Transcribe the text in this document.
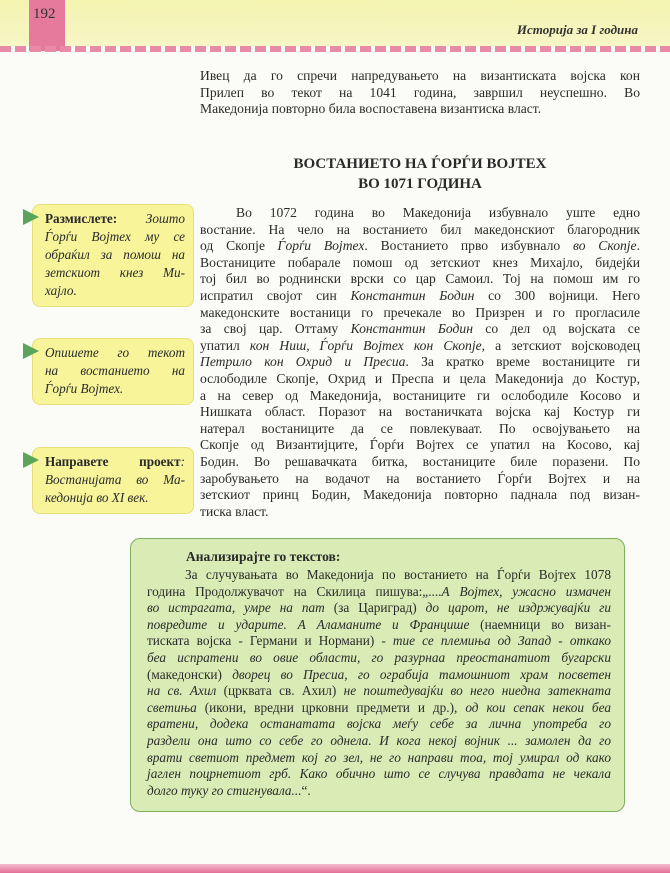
192
Историја за I година
Ивец да го спречи напредувањето на византиската војска кон
Прилеп во текот на 1041 година, завршил неуспешно. Во
Македонија повторно била воспоставена византиска власт.
ВОСТАНИЕТО НА ЃОРЃИ ВОЈТЕХ
ВО 1071 ГОДИНА
Во 1072 година во Македонија избувнало уште едно
востание. На чело на востанието бил македонскиот благородник
од Скопје Ѓорѓи Војтех. Востанието прво избувнало во Скопје.
Востаниците побарале помош од зетскиот кнез Михајло, бидејќи
тој бил во роднински врски со цар Самоил. Тој на помош им го
испратил својот син Константин Бодин со 300 војници. Него
македонските востаници го пречекале во Призрен и го прогласиле
за свој цар. Оттаму Константин Бодин со дел од војската се
упатил кон Ниш, Ѓорѓи Војтех кон Скопје, а зетскиот војсководец
Петрило кон Охрид и Пресиа. За кратко време востаниците ги
ослободиле Скопје, Охрид и Преспа и цела Македонија до Костур,
а на север од Македонија, востаниците ги ослободиле Косово и
Нишката област. Поразот на востаничката војска кај Костур ги
натерал востаниците да се повлекуваат. По освојувањето на
Скопје од Византијците, Ѓорѓи Војтех се упатил на Косово, кај
Бодин. Во решавачката битка, востаниците биле поразени. По
заробувањето на водачот на востанието Ѓорѓи Војтех и на
зетскиот принц Бодин, Македонија повторно паднала под визан-
тиска власт.
Размислете: Зошто
Ѓорѓи Војтех му се
обраќил за помош на
зетскиот кнез Ми-
хајло.
Опишете го текот
на востанието на
Ѓорѓи Војтех.
Направете проект:
Востанијата во Ма-
кедонија во XI век.
Анализирајте го текстов:
За случувањата во Македонија по востанието на Ѓорѓи Војтех 1078
година Продолжувачот на Скилица пишува:„....А Војтех, ужасно измачен
во истрагата, умре на пат (за Цариград) до царот, не издржувајќи ги
повредите и ударите. А Аламаните и Францише (наемници во визан-
тиската војска - Германи и Нормани) - тие се племиња од Запад - откако
беа испратени во овие области, го разурнаа преостанатиот бугарски
(македонски) дворец во Пресиа, го ограбија тамошниот храм посветен
на св. Ахил (црквата св. Ахил) не поштедувајќи во него ниедна затекната
светиња (икони, вредни црковни предмети и др.), од кои сепак некои беа
вратени, додека останатата војска меѓу себе за лична употреба го
раздели она што со себе го однела. И кога некој војник ... замолен да го
врати светиот предмет кој го зел, не го направи тоа, тој умирал од како
јаглен поцрнетиот грб. Како обично што се случува правдата не чекала
долго туку го стигнувала...“.
